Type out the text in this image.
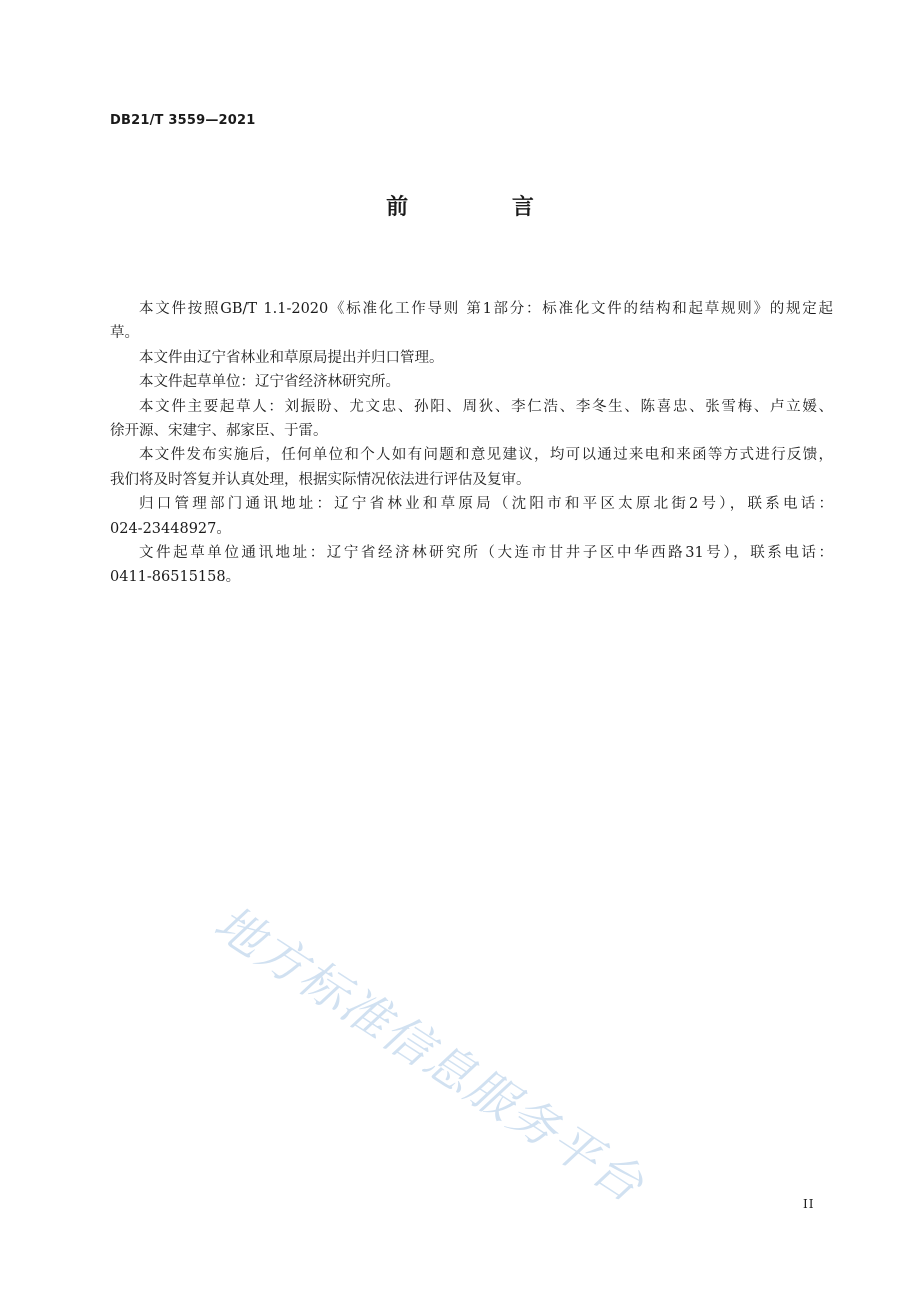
DB21/T 3559—2021
前 言

本文件按照GB/T 1.1-2020《标准化工作导则 第1部分：标准化文件的结构和起草规则》的规定起

草。

本文件由辽宁省林业和草原局提出并归口管理。

本文件起草单位：辽宁省经济林研究所。

本文件主要起草人：刘振盼、尤文忠、孙阳、周狄、李仁浩、李冬生、陈喜忠、张雪梅、卢立媛、

徐开源、宋建宇、郝家臣、于雷。

本文件发布实施后，任何单位和个人如有问题和意见建议，均可以通过来电和来函等方式进行反馈，

我们将及时答复并认真处理，根据实际情况依法进行评估及复审。

归口管理部门通讯地址：辽宁省林业和草原局（沈阳市和平区太原北街2号），联系电话：

024-23448927。

文件起草单位通讯地址：辽宁省经济林研究所（大连市甘井子区中华西路31号），联系电话：

0411-86515158。

地方标准信息服务平台	II
